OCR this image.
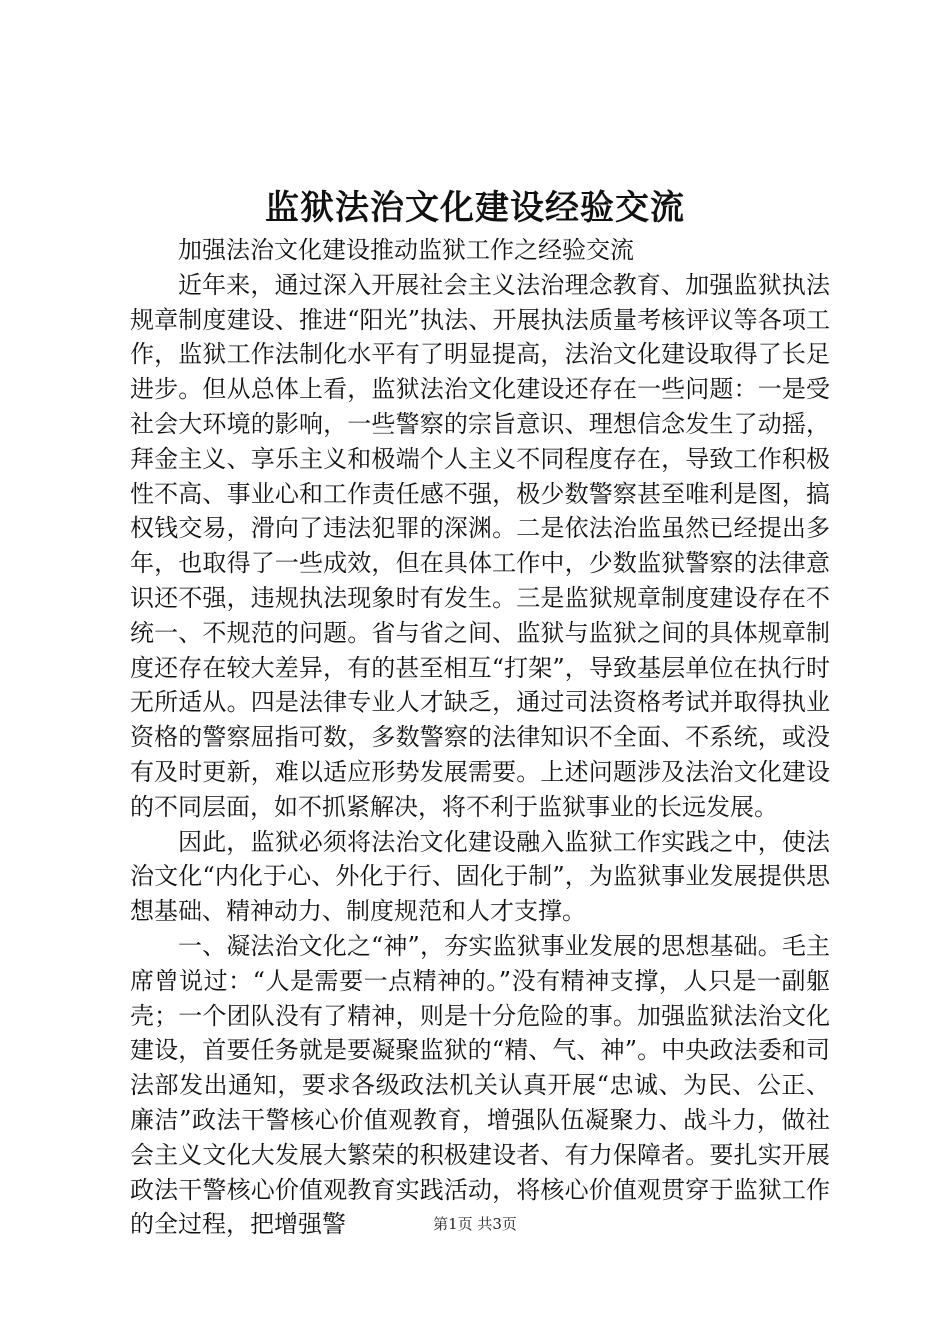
监狱法治文化建设经验交流

加强法治文化建设推动监狱工作之经验交流

近年来，通过深入开展社会主义法治理念教育、加强监狱执法规章制度建设、推进“阳光”执法、开展执法质量考核评议等各项工作，监狱工作法制化水平有了明显提高，法治文化建设取得了长足进步。但从总体上看，监狱法治文化建设还存在一些问题：一是受社会大环境的影响，一些警察的宗旨意识、理想信念发生了动摇，拜金主义、享乐主义和极端个人主义不同程度存在，导致工作积极性不高、事业心和工作责任感不强，极少数警察甚至唯利是图，搞权钱交易，滑向了违法犯罪的深渊。二是依法治监虽然已经提出多年，也取得了一些成效，但在具体工作中，少数监狱警察的法律意识还不强，违规执法现象时有发生。三是监狱规章制度建设存在不统一、不规范的问题。省与省之间、监狱与监狱之间的具体规章制度还存在较大差异，有的甚至相互“打架”，导致基层单位在执行时无所适从。四是法律专业人才缺乏，通过司法资格考试并取得执业资格的警察屈指可数，多数警察的法律知识不全面、不系统，或没有及时更新，难以适应形势发展需要。上述问题涉及法治文化建设的不同层面，如不抓紧解决，将不利于监狱事业的长远发展。

因此，监狱必须将法治文化建设融入监狱工作实践之中，使法治文化“内化于心、外化于行、固化于制”，为监狱事业发展提供思想基础、精神动力、制度规范和人才支撑。

一、凝法治文化之“神”，夯实监狱事业发展的思想基础。毛主席曾说过：“人是需要一点精神的。”没有精神支撑，人只是一副躯壳；一个团队没有了精神，则是十分危险的事。加强监狱法治文化建设，首要任务就是要凝聚监狱的“精、气、神”。中央政法委和司法部发出通知，要求各级政法机关认真开展“忠诚、为民、公正、廉洁”政法干警核心价值观教育，增强队伍凝聚力、战斗力，做社会主义文化大发展大繁荣的积极建设者、有力保障者。要扎实开展政法干警核心价值观教育实践活动，将核心价值观贯穿于监狱工作的全过程，把增强警	第1页 共3页
